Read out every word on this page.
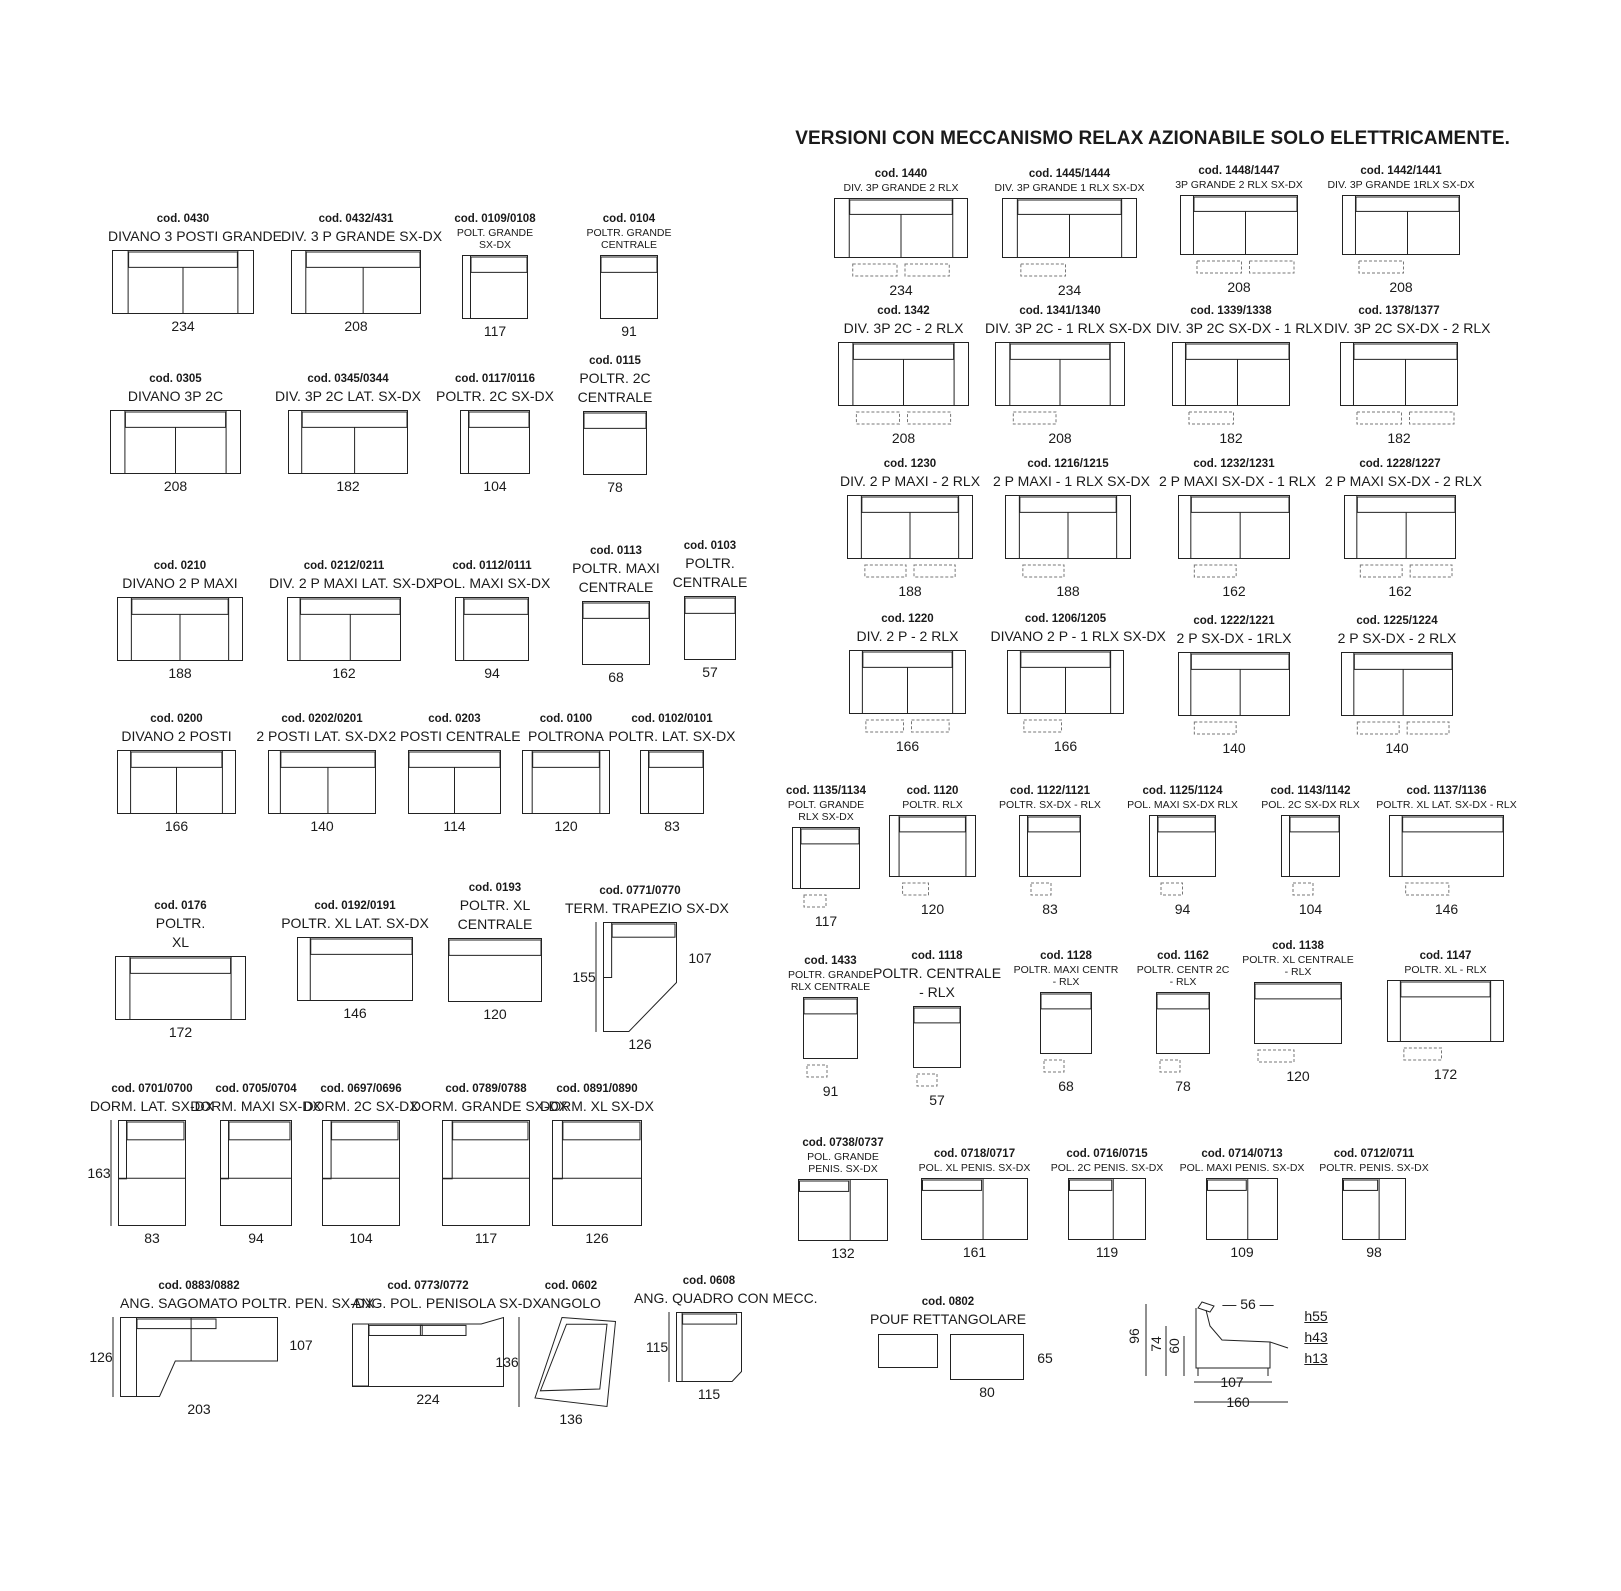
VERSIONI CON MECCANISMO RELAX AZIONABILE SOLO ELETTRICAMENTE.
cod. 0430
DIVANO 3 POSTI GRANDE
234
cod. 0432/431
DIV. 3 P GRANDE SX-DX
208
cod. 0109/0108
POLT. GRANDE
SX-DX
117
cod. 0104
POLTR. GRANDE
CENTRALE
91
cod. 0305
DIVANO 3P 2C
208
cod. 0345/0344
DIV. 3P 2C LAT. SX-DX
182
cod. 0117/0116
POLTR. 2C SX-DX
104
cod. 0115
POLTR. 2C
CENTRALE
78
cod. 0210
DIVANO 2 P MAXI
188
cod. 0212/0211
DIV. 2 P MAXI LAT. SX-DX
162
cod. 0112/0111
POL. MAXI SX-DX
94
cod. 0113
POLTR. MAXI
CENTRALE
68
cod. 0103
POLTR.
CENTRALE
57
cod. 0200
DIVANO 2 POSTI
166
cod. 0202/0201
2 POSTI LAT. SX-DX
140
cod. 0203
2 POSTI CENTRALE
114
cod. 0100
POLTRONA
120
cod. 0102/0101
POLTR. LAT. SX-DX
83
cod. 0176
POLTR.
XL
172
cod. 0192/0191
POLTR. XL LAT. SX-DX
146
cod. 0193
POLTR. XL
CENTRALE
120
cod. 0771/0770
TERM. TRAPEZIO SX-DX
126
155
107
cod. 0701/0700
DORM. LAT. SX-DX
83
163
cod. 0705/0704
DORM. MAXI SX-DX
94
cod. 0697/0696
DORM. 2C SX-DX
104
cod. 0789/0788
DORM. GRANDE SX-DX
117
cod. 0891/0890
DORM. XL SX-DX
126
cod. 0883/0882
ANG. SAGOMATO POLTR. PEN. SX-DX
203
126
107
cod. 0773/0772
ANG. POL. PENISOLA SX-DX
224
cod. 0602
ANGOLO
136
136
cod. 0608
ANG. QUADRO CON MECC.
115
115
cod. 1440
DIV. 3P GRANDE 2 RLX
234
cod. 1445/1444
DIV. 3P GRANDE 1 RLX SX-DX
234
cod. 1448/1447
3P GRANDE 2 RLX SX-DX
208
cod. 1442/1441
DIV. 3P GRANDE 1RLX SX-DX
208
cod. 1342
DIV. 3P 2C - 2 RLX
208
cod. 1341/1340
DIV. 3P 2C - 1 RLX SX-DX
208
cod. 1339/1338
DIV. 3P 2C SX-DX - 1 RLX
182
cod. 1378/1377
DIV. 3P 2C SX-DX - 2 RLX
182
cod. 1230
DIV. 2 P MAXI - 2 RLX
188
cod. 1216/1215
2 P MAXI - 1 RLX SX-DX
188
cod. 1232/1231
2 P MAXI SX-DX - 1 RLX
162
cod. 1228/1227
2 P MAXI SX-DX - 2 RLX
162
cod. 1220
DIV. 2 P - 2 RLX
166
cod. 1206/1205
DIVANO 2 P - 1 RLX SX-DX
166
cod. 1222/1221
2 P SX-DX - 1RLX
140
cod. 1225/1224
2 P SX-DX - 2 RLX
140
cod. 1135/1134
POLT. GRANDE
RLX SX-DX
117
cod. 1120
POLTR. RLX
120
cod. 1122/1121
POLTR. SX-DX - RLX
83
cod. 1125/1124
POL. MAXI SX-DX RLX
94
cod. 1143/1142
POL. 2C SX-DX RLX
104
cod. 1137/1136
POLTR. XL LAT. SX-DX - RLX
146
cod. 1433
POLTR. GRANDE
RLX CENTRALE
91
cod. 1118
POLTR. CENTRALE
- RLX
57
cod. 1128
POLTR. MAXI CENTR
- RLX
68
cod. 1162
POLTR. CENTR 2C
- RLX
78
cod. 1138
POLTR. XL CENTRALE
- RLX
120
cod. 1147
POLTR. XL - RLX
172
cod. 0738/0737
POL. GRANDE
PENIS. SX-DX
132
cod. 0718/0717
POL. XL PENIS. SX-DX
161
cod. 0716/0715
POL. 2C PENIS. SX-DX
119
cod. 0714/0713
POL. MAXI PENIS. SX-DX
109
cod. 0712/0711
POLTR. PENIS. SX-DX
98
cod. 0802
POUF RETTANGOLARE
80
65
96
74 60
— 56 —
h55
h43
h13
107
160
